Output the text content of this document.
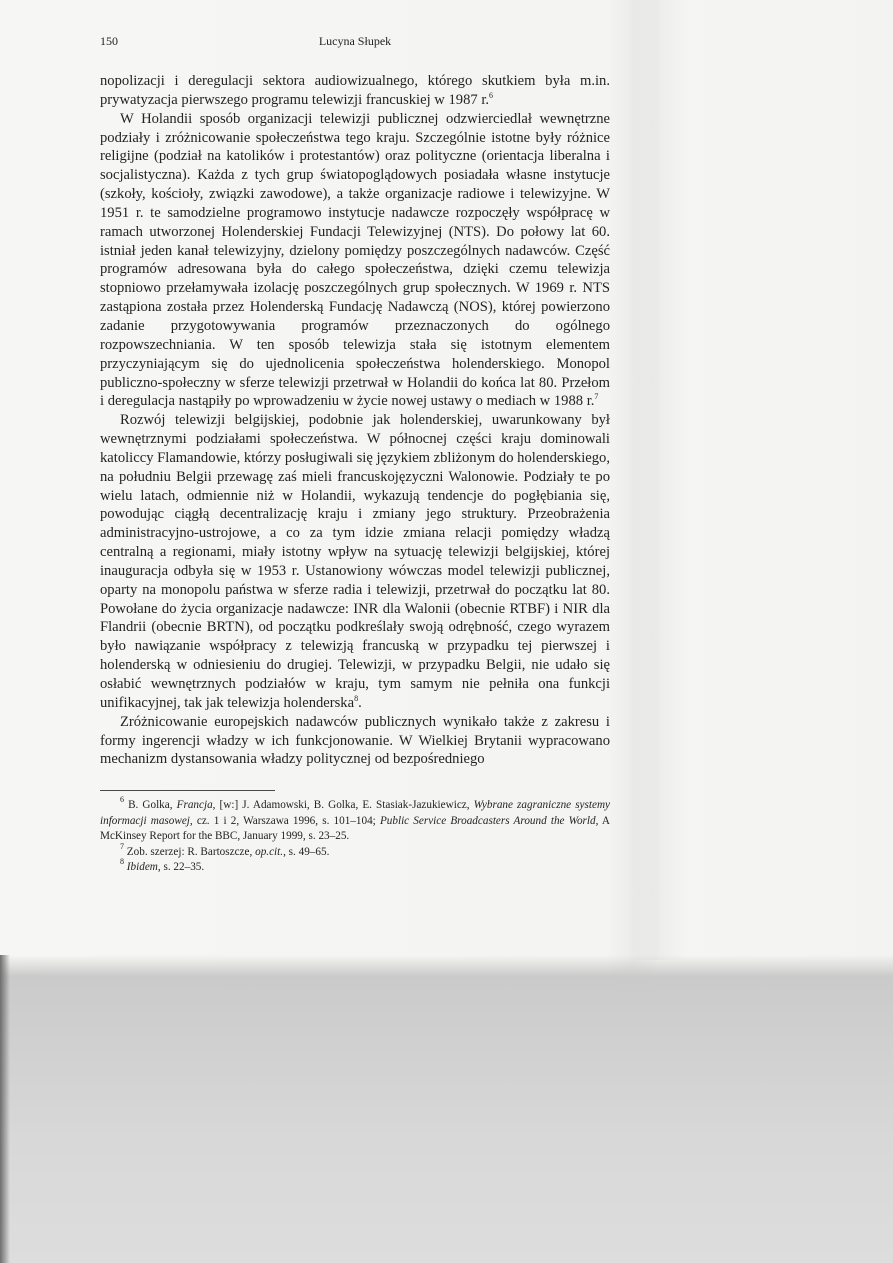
150	Lucyna Słupek

nopolizacji i deregulacji sektora audiowizualnego, którego skutkiem była m.in. prywatyzacja pierwszego programu telewizji francuskiej w 1987 r.$^6$

W Holandii sposób organizacji telewizji publicznej odzwierciedlał wewnętrzne podziały i zróżnicowanie społeczeństwa tego kraju. Szczególnie istotne były różnice religijne (podział na katolików i protestantów) oraz polityczne (orientacja liberalna i socjalistyczna). Każda z tych grup światopoglądowych posiadała własne instytucje (szkoły, kościoły, związki zawodowe), a także organizacje radiowe i telewizyjne. W 1951 r. te samodzielne programowo instytucje nadawcze rozpoczęły współpracę w ramach utworzonej Holenderskiej Fundacji Telewizyjnej (NTS). Do połowy lat 60. istniał jeden kanał telewizyjny, dzielony pomiędzy poszczególnych nadawców. Część programów adresowana była do całego społeczeństwa, dzięki czemu telewizja stopniowo przełamywała izolację poszczególnych grup społecznych. W 1969 r. NTS zastąpiona została przez Holenderską Fundację Nadawczą (NOS), której powierzono zadanie przygotowywania programów przeznaczonych do ogólnego rozpowszechniania. W ten sposób telewizja stała się istotnym elementem przyczyniającym się do ujednolicenia społeczeństwa holenderskiego. Monopol publiczno-społeczny w sferze telewizji przetrwał w Holandii do końca lat 80. Przełom i deregulacja nastąpiły po wprowadzeniu w życie nowej ustawy o mediach w 1988 r.$^7$

Rozwój telewizji belgijskiej, podobnie jak holenderskiej, uwarunkowany był wewnętrznymi podziałami społeczeństwa. W północnej części kraju dominowali katoliccy Flamandowie, którzy posługiwali się językiem zbliżonym do holenderskiego, na południu Belgii przewagę zaś mieli francuskojęzyczni Walonowie. Podziały te po wielu latach, odmiennie niż w Holandii, wykazują tendencje do pogłębiania się, powodując ciągłą decentralizację kraju i zmiany jego struktury. Przeobrażenia administracyjno-ustrojowe, a co za tym idzie zmiana relacji pomiędzy władzą centralną a regionami, miały istotny wpływ na sytuację telewizji belgijskiej, której inauguracja odbyła się w 1953 r. Ustanowiony wówczas model telewizji publicznej, oparty na monopolu państwa w sferze radia i telewizji, przetrwał do początku lat 80. Powołane do życia organizacje nadawcze: INR dla Walonii (obecnie RTBF) i NIR dla Flandrii (obecnie BRTN), od początku podkreślały swoją odrębność, czego wyrazem było nawiązanie współpracy z telewizją francuską w przypadku tej pierwszej i holenderską w odniesieniu do drugiej. Telewizji, w przypadku Belgii, nie udało się osłabić wewnętrznych podziałów w kraju, tym samym nie pełniła ona funkcji unifikacyjnej, tak jak telewizja holenderska$^8$.

Zróżnicowanie europejskich nadawców publicznych wynikało także z zakresu i formy ingerencji władzy w ich funkcjonowanie. W Wielkiej Brytanii wypracowano mechanizm dystansowania władzy politycznej od bezpośredniego

$^6$ B. Golka, Francja, [w:] J. Adamowski, B. Golka, E. Stasiak-Jazukiewicz, Wybrane zagraniczne systemy informacji masowej, cz. 1 i 2, Warszawa 1996, s. 101–104; Public Service Broadcasters Around the World, A McKinsey Report for the BBC, January 1999, s. 23–25.

$^7$ Zob. szerzej: R. Bartoszcze, op.cit., s. 49–65.

$^8$ Ibidem, s. 22–35.
